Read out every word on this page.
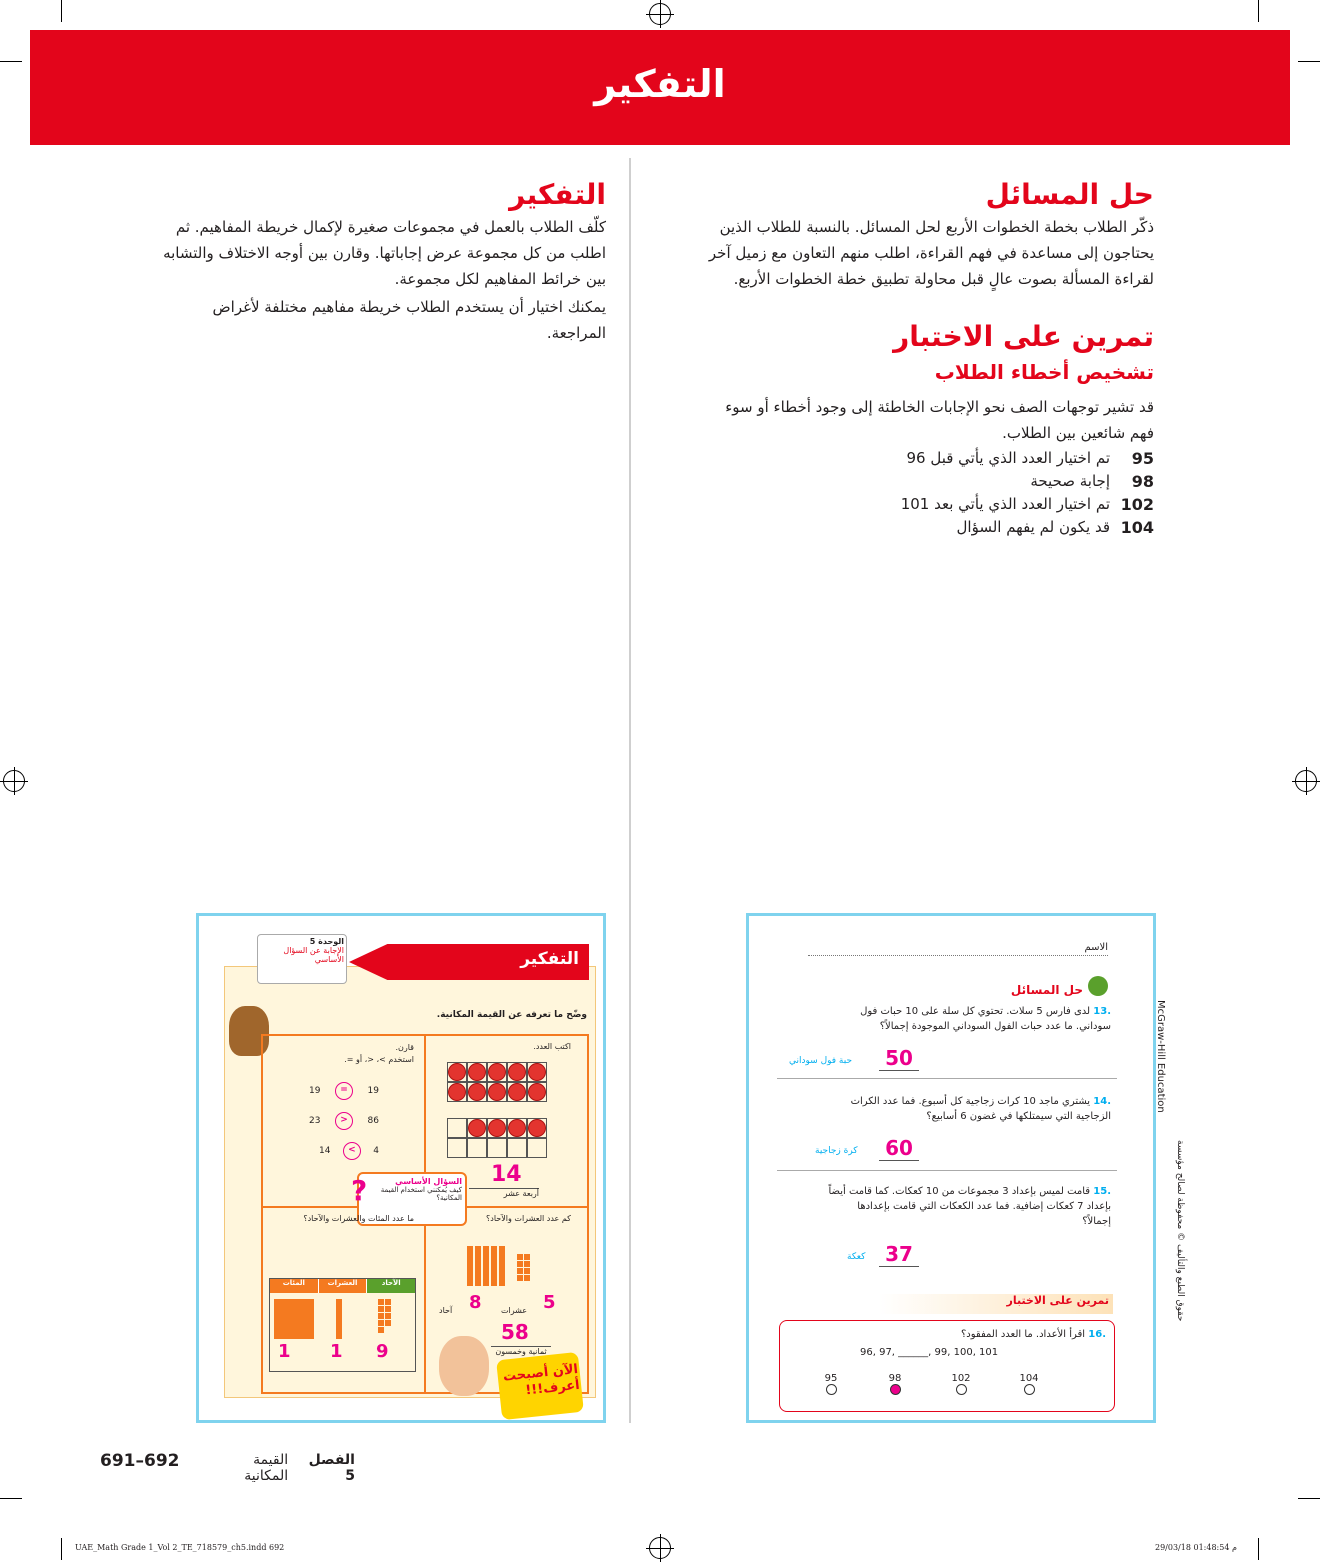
التفكير
حل المسائل
ذكّر الطلاب بخطة الخطوات الأربع لحل المسائل. بالنسبة للطلاب الذين
يحتاجون إلى مساعدة في فهم القراءة، اطلب منهم التعاون مع زميل آخر
لقراءة المسألة بصوت عالٍ قبل محاولة تطبيق خطة الخطوات الأربع.
تمرين على الاختبار
تشخيص أخطاء الطلاب
قد تشير توجهات الصف نحو الإجابات الخاطئة إلى وجود أخطاء أو سوء
فهم شائعين بين الطلاب.
95
تم اختيار العدد الذي يأتي قبل 96
98
إجابة صحيحة
102
تم اختيار العدد الذي يأتي بعد 101
104
قد يكون لم يفهم السؤال
التفكير
كلّف الطلاب بالعمل في مجموعات صغيرة لإكمال خريطة المفاهيم. ثم
اطلب من كل مجموعة عرض إجاباتها. وقارن بين أوجه الاختلاف والتشابه
بين خرائط المفاهيم لكل مجموعة.
يمكنك اختيار أن يستخدم الطلاب خريطة مفاهيم مختلفة لأغراض
المراجعة.
الاسم
حل المسائل
.13 لدى فارس 5 سلات. تحتوي كل سلة على 10 حبات فول
سوداني. ما عدد حبات الفول السوداني الموجودة إجمالاً؟
50
حبة فول سوداني
.14 يشتري ماجد 10 كرات زجاجية كل أسبوع. فما عدد الكرات
الزجاجية التي سيمتلكها في غضون 6 أسابيع؟
60
كرة زجاجية
.15 قامت لميس بإعداد 3 مجموعات من 10 كعكات. كما قامت أيضاً
بإعداد 7 كعكات إضافية. فما عدد الكعكات التي قامت بإعدادها
إجمالاً؟
37
كعكة
تمرين على الاختبار
.16 اقرأ الأعداد. ما العدد المفقود؟
96, 97, ______, 99, 100, 101
95	98	102	104
McGraw-Hill Education
حقوق الطبع والتأليف © محفوظة لصالح مؤسسة
التفكير
الوحدة 5
الإجابة عن السؤال الأساسي
وضّح ما تعرفه عن القيمة المكانية.
اكتب العدد.
14
أربعة عشر
قارن.
استخدم >، <، أو =.
19	=	19
23	>	86
14	<	4
السؤال الأساسي
كيف يُمكنني استخدام القيمة المكانية؟
?
كم عدد العشرات والآحاد؟
5
عشرات
8
آحاد
58
ثمانية وخمسون
ما عدد المئات والعشرات والآحاد؟
المئات	العشرات	الآحاد
1 1 9
الآن أصبحت أعرف!!!
691–692	الفصل 5
القيمة المكانية
UAE_Math Grade 1_Vol 2_TE_718579_ch5.indd 692	29/03/18 01:48:54 م
